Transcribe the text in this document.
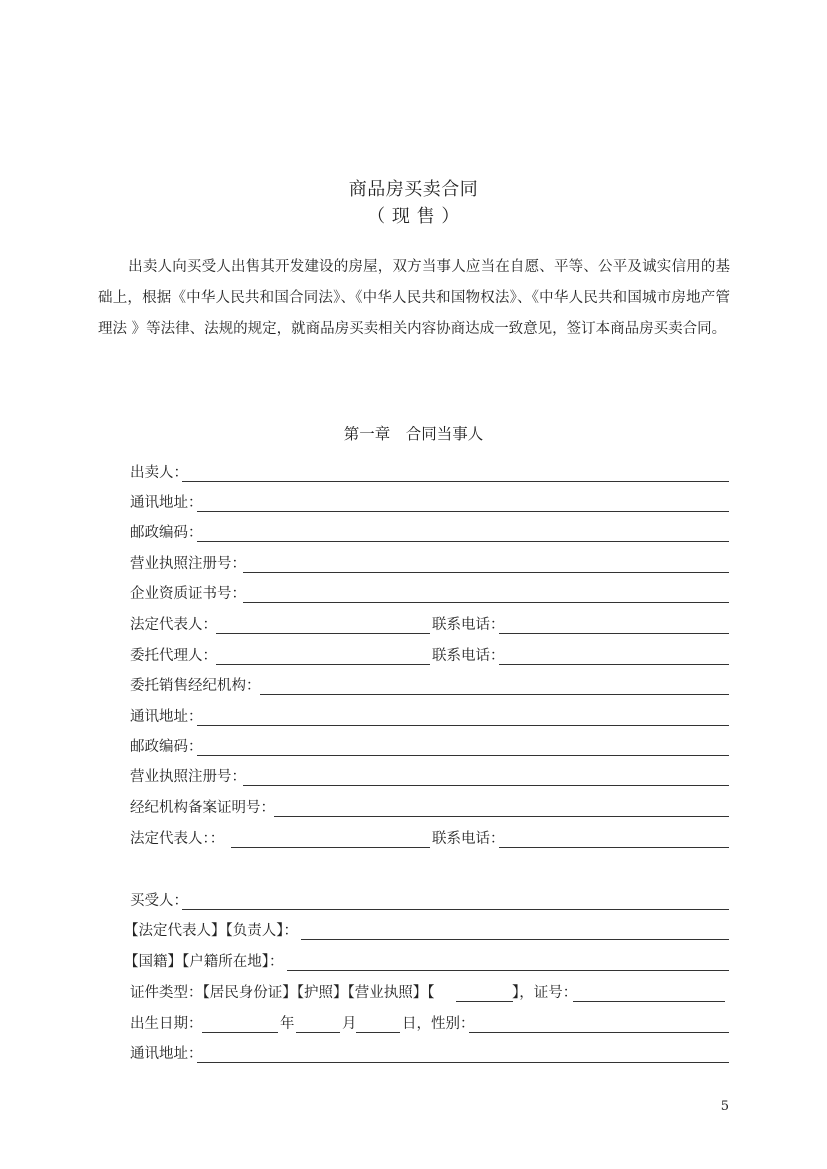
商品房买卖合同
（ 现 售 ）
出卖人向买受人出售其开发建设的房屋，双方当事人应当在自愿、平等、公平及诚实信用的基础上，根据《中华人民共和国合同法》、《中华人民共和国物权法》、《中华人民共和国城市房地产管理法 》等法律、法规的规定，就商品房买卖相关内容协商达成一致意见，签订本商品房买卖合同。
第一章　合同当事人
出卖人：
通讯地址：
邮政编码：
营业执照注册号：
企业资质证书号：
法定代表人：	联系电话：
委托代理人：	联系电话：
委托销售经纪机构：
通讯地址：
邮政编码：
营业执照注册号：
经纪机构备案证明号：
法定代表人：：	联系电话：
买受人：
【法定代表人】【负责人】：
【国籍】【户籍所在地】：
证件类型：【居民身份证】【护照】【营业执照】【	】，证号：
出生日期：	年	月	日，性别：
通讯地址：
5
